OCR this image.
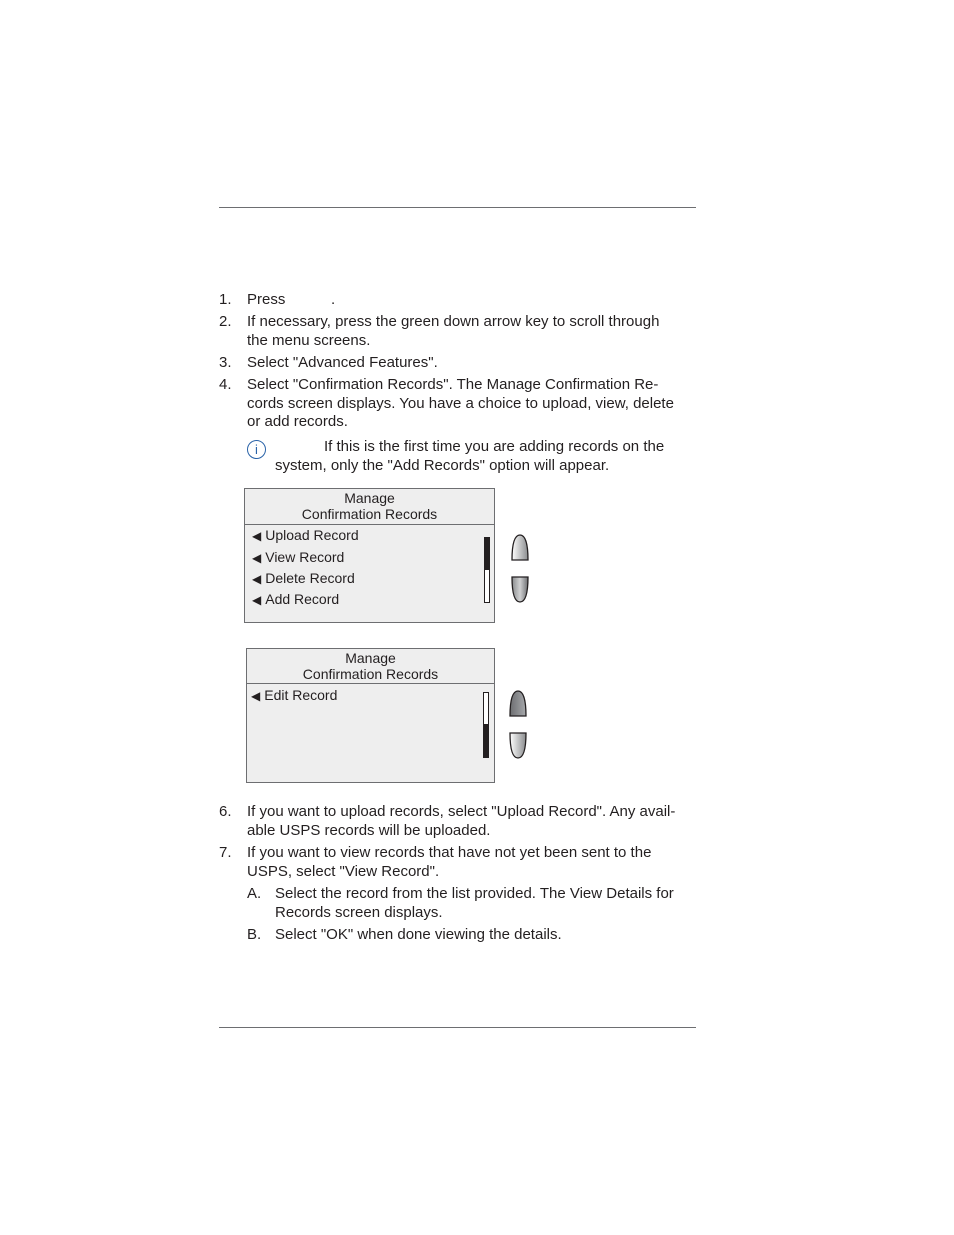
1. Press	.
2. If necessary, press the green down arrow key to scroll through
the menu screens.
3. Select "Advanced Features".
4. Select "Confirmation Records". The Manage Confirmation Re-
cords screen displays. You have a choice to upload, view, delete
or add records.
i	If this is the first time you are adding records on the
system, only the "Add Records" option will appear.
Manage
Confirmation Records
◀ Upload Record
◀ View Record
◀ Delete Record
◀ Add Record
Manage
Confirmation Records
◀ Edit Record
6. If you want to upload records, select "Upload Record". Any avail-
able USPS records will be uploaded.
7. If you want to view records that have not yet been sent to the
USPS, select "View Record".
A. Select the record from the list provided. The View Details for
Records screen displays.
B. Select "OK" when done viewing the details.
